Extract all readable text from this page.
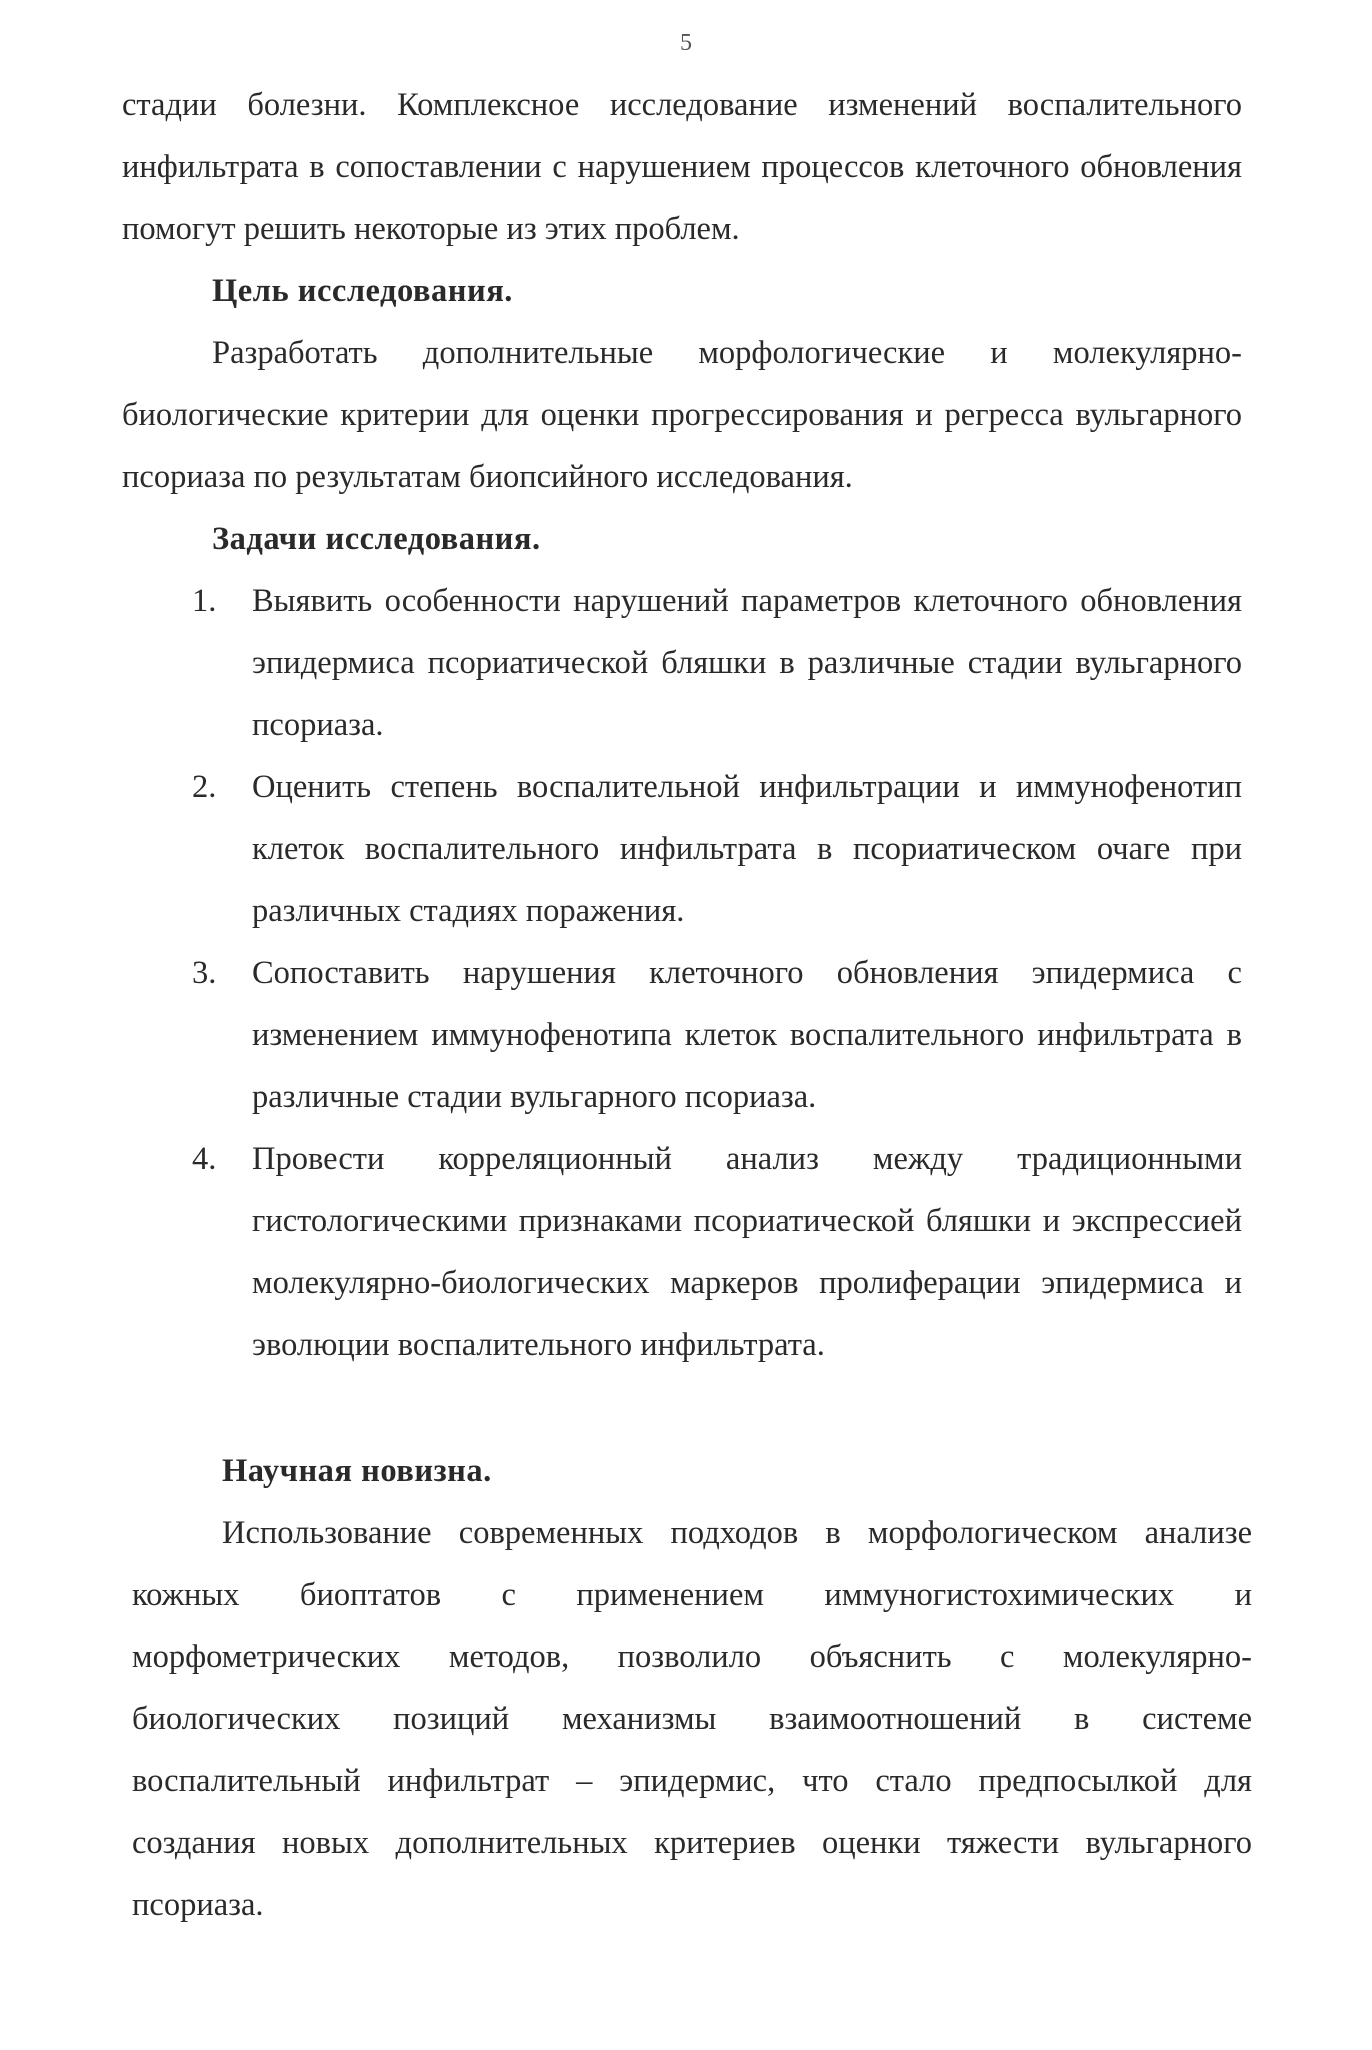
5

стадии болезни. Комплексное исследование изменений воспалительного инфильтрата в сопоставлении с нарушением процессов клеточного обновления помогут решить некоторые из этих проблем.

Цель исследования.

Разработать дополнительные морфологические и молекулярно-биологические критерии для оценки прогрессирования и регресса вульгарного псориаза по результатам биопсийного исследования.

Задачи исследования.
1.	Выявить особенности нарушений параметров клеточного обновления эпидермиса псориатической бляшки в различные стадии вульгарного псориаза.
2.	Оценить степень воспалительной инфильтрации и иммунофенотип клеток воспалительного инфильтрата в псориатическом очаге при различных стадиях поражения.
3.	Сопоставить нарушения клеточного обновления эпидермиса с изменением иммунофенотипа клеток воспалительного инфильтрата в различные стадии вульгарного псориаза.
4.	Провести корреляционный анализ между традиционными гистологическими признаками псориатической бляшки и экспрессией молекулярно-биологических маркеров пролиферации эпидермиса и эволюции воспалительного инфильтрата.
Научная новизна.

Использование современных подходов в морфологическом анализе кожных биоптатов с применением иммуногистохимических и морфометрических методов, позволило объяснить с молекулярно-биологических позиций механизмы взаимоотношений в системе воспалительный инфильтрат – эпидермис, что стало предпосылкой для создания новых дополнительных критериев оценки тяжести вульгарного псориаза.
